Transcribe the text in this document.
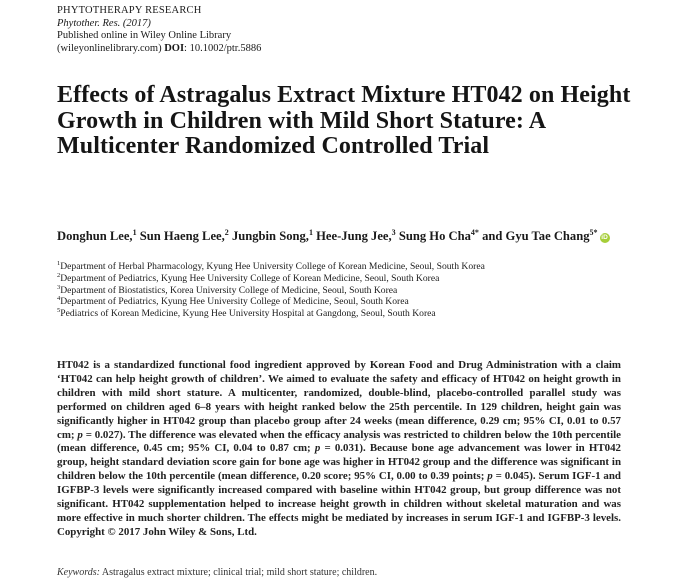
PHYTOTHERAPY RESEARCH
Phytother. Res. (2017)
Published online in Wiley Online Library
(wileyonlinelibrary.com) DOI: 10.1002/ptr.5886
Effects of Astragalus Extract Mixture HT042 on Height Growth in Children with Mild Short Stature: A Multicenter Randomized Controlled Trial
Donghun Lee,$^1$ Sun Haeng Lee,$^2$ Jungbin Song,$^1$ Hee-Jung Jee,$^3$ Sung Ho Cha$^{4*}$ and Gyu Tae Chang$^{5*}$iD
$^1$Department of Herbal Pharmacology, Kyung Hee University College of Korean Medicine, Seoul, South Korea
$^2$Department of Pediatrics, Kyung Hee University College of Korean Medicine, Seoul, South Korea
$^3$Department of Biostatistics, Korea University College of Medicine, Seoul, South Korea
$^4$Department of Pediatrics, Kyung Hee University College of Medicine, Seoul, South Korea
$^5$Pediatrics of Korean Medicine, Kyung Hee University Hospital at Gangdong, Seoul, South Korea

HT042 is a standardized functional food ingredient approved by Korean Food and Drug Administration with a claim ‘HT042 can help height growth of children’. We aimed to evaluate the safety and efficacy of HT042 on height growth in children with mild short stature. A multicenter, randomized, double-blind, placebo-controlled parallel study was performed on children aged 6–8 years with height ranked below the 25th percentile. In 129 children, height gain was significantly higher in HT042 group than placebo group after 24 weeks (mean difference, 0.29 cm; 95% CI, 0.01 to 0.57 cm; p = 0.027). The difference was elevated when the efficacy analysis was restricted to children below the 10th percentile (mean difference, 0.45 cm; 95% CI, 0.04 to 0.87 cm; p = 0.031). Because bone age advancement was lower in HT042 group, height standard deviation score gain for bone age was higher in HT042 group and the difference was significant in children below the 10th percentile (mean difference, 0.20 score; 95% CI, 0.00 to 0.39 points; p = 0.045). Serum IGF-1 and IGFBP-3 levels were significantly increased compared with baseline within HT042 group, but group difference was not significant. HT042 supplementation helped to increase height growth in children without skeletal maturation and was more effective in much shorter children. The effects might be mediated by increases in serum IGF-1 and IGFBP-3 levels. Copyright © 2017 John Wiley & Sons, Ltd.

Keywords: Astragalus extract mixture; clinical trial; mild short stature; children.
